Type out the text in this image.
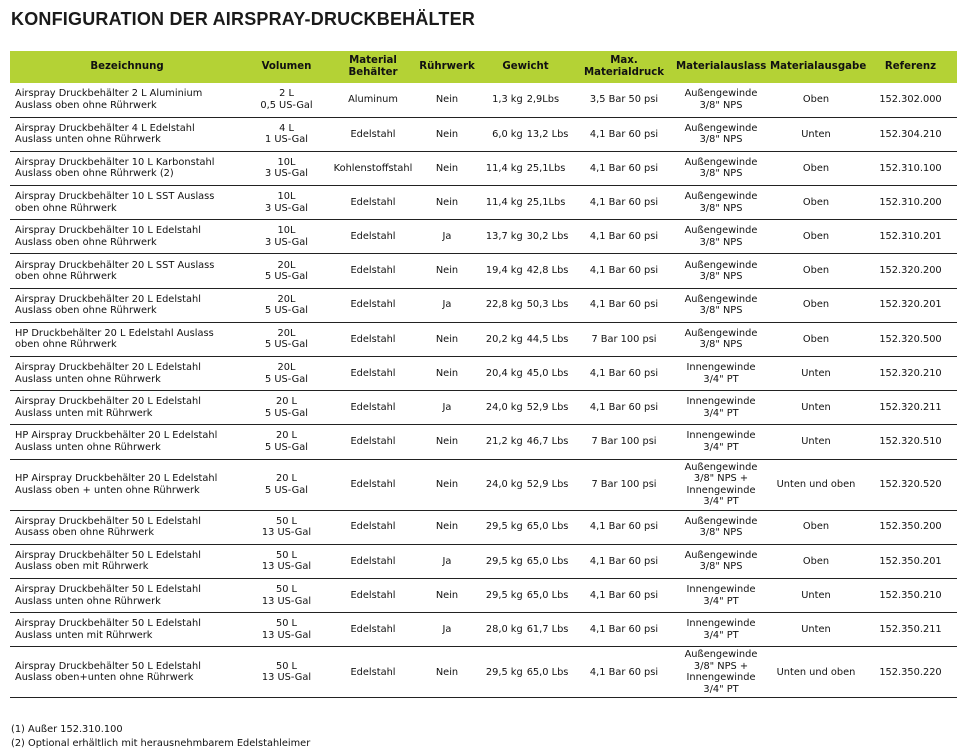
KONFIGURATION DER AIRSPRAY-DRUCKBEHÄLTER
Bezeichnung	Volumen	Material
Behälter	Rührwerk	Gewicht	Max.
Materialdruck	Materialauslass	Materialausgabe	Referenz
Airspray Druckbehälter 2 L Aluminium
Auslass oben ohne Rührwerk	2 L
0,5 US-Gal	Aluminum	Nein	1,3 kg 2,9Lbs	3,5 Bar 50 psi	Außengewinde
3/8" NPS	Oben	152.302.000
Airspray Druckbehälter 4 L Edelstahl
Auslass unten ohne Rührwerk	4 L
1 US-Gal	Edelstahl	Nein	6,0 kg 13,2 Lbs	4,1 Bar 60 psi	Außengewinde
3/8" NPS	Unten	152.304.210
Airspray Druckbehälter 10 L Karbonstahl
Auslass oben ohne Rührwerk (2)	10L
3 US-Gal	Kohlenstoffstahl	Nein	11,4 kg 25,1Lbs	4,1 Bar 60 psi	Außengewinde
3/8" NPS	Oben	152.310.100
Airspray Druckbehälter 10 L SST Auslass
oben ohne Rührwerk	10L
3 US-Gal	Edelstahl	Nein	11,4 kg 25,1Lbs	4,1 Bar 60 psi	Außengewinde
3/8" NPS	Oben	152.310.200
Airspray Druckbehälter 10 L Edelstahl
Auslass oben ohne Rührwerk	10L
3 US-Gal	Edelstahl	Ja	13,7 kg 30,2 Lbs	4,1 Bar 60 psi	Außengewinde
3/8" NPS	Oben	152.310.201
Airspray Druckbehälter 20 L SST Auslass
oben ohne Rührwerk	20L
5 US-Gal	Edelstahl	Nein	19,4 kg 42,8 Lbs	4,1 Bar 60 psi	Außengewinde
3/8" NPS	Oben	152.320.200
Airspray Druckbehälter 20 L Edelstahl
Auslass oben ohne Rührwerk	20L
5 US-Gal	Edelstahl	Ja	22,8 kg 50,3 Lbs	4,1 Bar 60 psi	Außengewinde
3/8" NPS	Oben	152.320.201
HP Druckbehälter 20 L Edelstahl Auslass
oben ohne Rührwerk	20L
5 US-Gal	Edelstahl	Nein	20,2 kg 44,5 Lbs	7 Bar 100 psi	Außengewinde
3/8" NPS	Oben	152.320.500
Airspray Druckbehälter 20 L Edelstahl
Auslass unten ohne Rührwerk	20L
5 US-Gal	Edelstahl	Nein	20,4 kg 45,0 Lbs	4,1 Bar 60 psi	Innengewinde
3/4" PT	Unten	152.320.210
Airspray Druckbehälter 20 L Edelstahl
Auslass unten mit Rührwerk	20 L
5 US-Gal	Edelstahl	Ja	24,0 kg 52,9 Lbs	4,1 Bar 60 psi	Innengewinde
3/4" PT	Unten	152.320.211
HP Airspray Druckbehälter 20 L Edelstahl
Auslass unten ohne Rührwerk	20 L
5 US-Gal	Edelstahl	Nein	21,2 kg 46,7 Lbs	7 Bar 100 psi	Innengewinde
3/4" PT	Unten	152.320.510
HP Airspray Druckbehälter 20 L Edelstahl
Auslass oben + unten ohne Rührwerk	20 L
5 US-Gal	Edelstahl	Nein	24,0 kg 52,9 Lbs	7 Bar 100 psi	Außengewinde
3/8" NPS +
Innengewinde
3/4" PT	Unten und oben	152.320.520
Airspray Druckbehälter 50 L Edelstahl
Ausass oben ohne Rührwerk	50 L
13 US-Gal	Edelstahl	Nein	29,5 kg 65,0 Lbs	4,1 Bar 60 psi	Außengewinde
3/8" NPS	Oben	152.350.200
Airspray Druckbehälter 50 L Edelstahl
Auslass oben mit Rührwerk	50 L
13 US-Gal	Edelstahl	Ja	29,5 kg 65,0 Lbs	4,1 Bar 60 psi	Außengewinde
3/8" NPS	Oben	152.350.201
Airspray Druckbehälter 50 L Edelstahl
Auslass unten ohne Rührwerk	50 L
13 US-Gal	Edelstahl	Nein	29,5 kg 65,0 Lbs	4,1 Bar 60 psi	Innengewinde
3/4" PT	Unten	152.350.210
Airspray Druckbehälter 50 L Edelstahl
Auslass unten mit Rührwerk	50 L
13 US-Gal	Edelstahl	Ja	28,0 kg 61,7 Lbs	4,1 Bar 60 psi	Innengewinde
3/4" PT	Unten	152.350.211
Airspray Druckbehälter 50 L Edelstahl
Auslass oben+unten ohne Rührwerk	50 L
13 US-Gal	Edelstahl	Nein	29,5 kg 65,0 Lbs	4,1 Bar 60 psi	Außengewinde
3/8" NPS +
Innengewinde
3/4" PT	Unten und oben	152.350.220
(1) Außer 152.310.100
(2) Optional erhältlich mit herausnehmbarem Edelstahleimer
